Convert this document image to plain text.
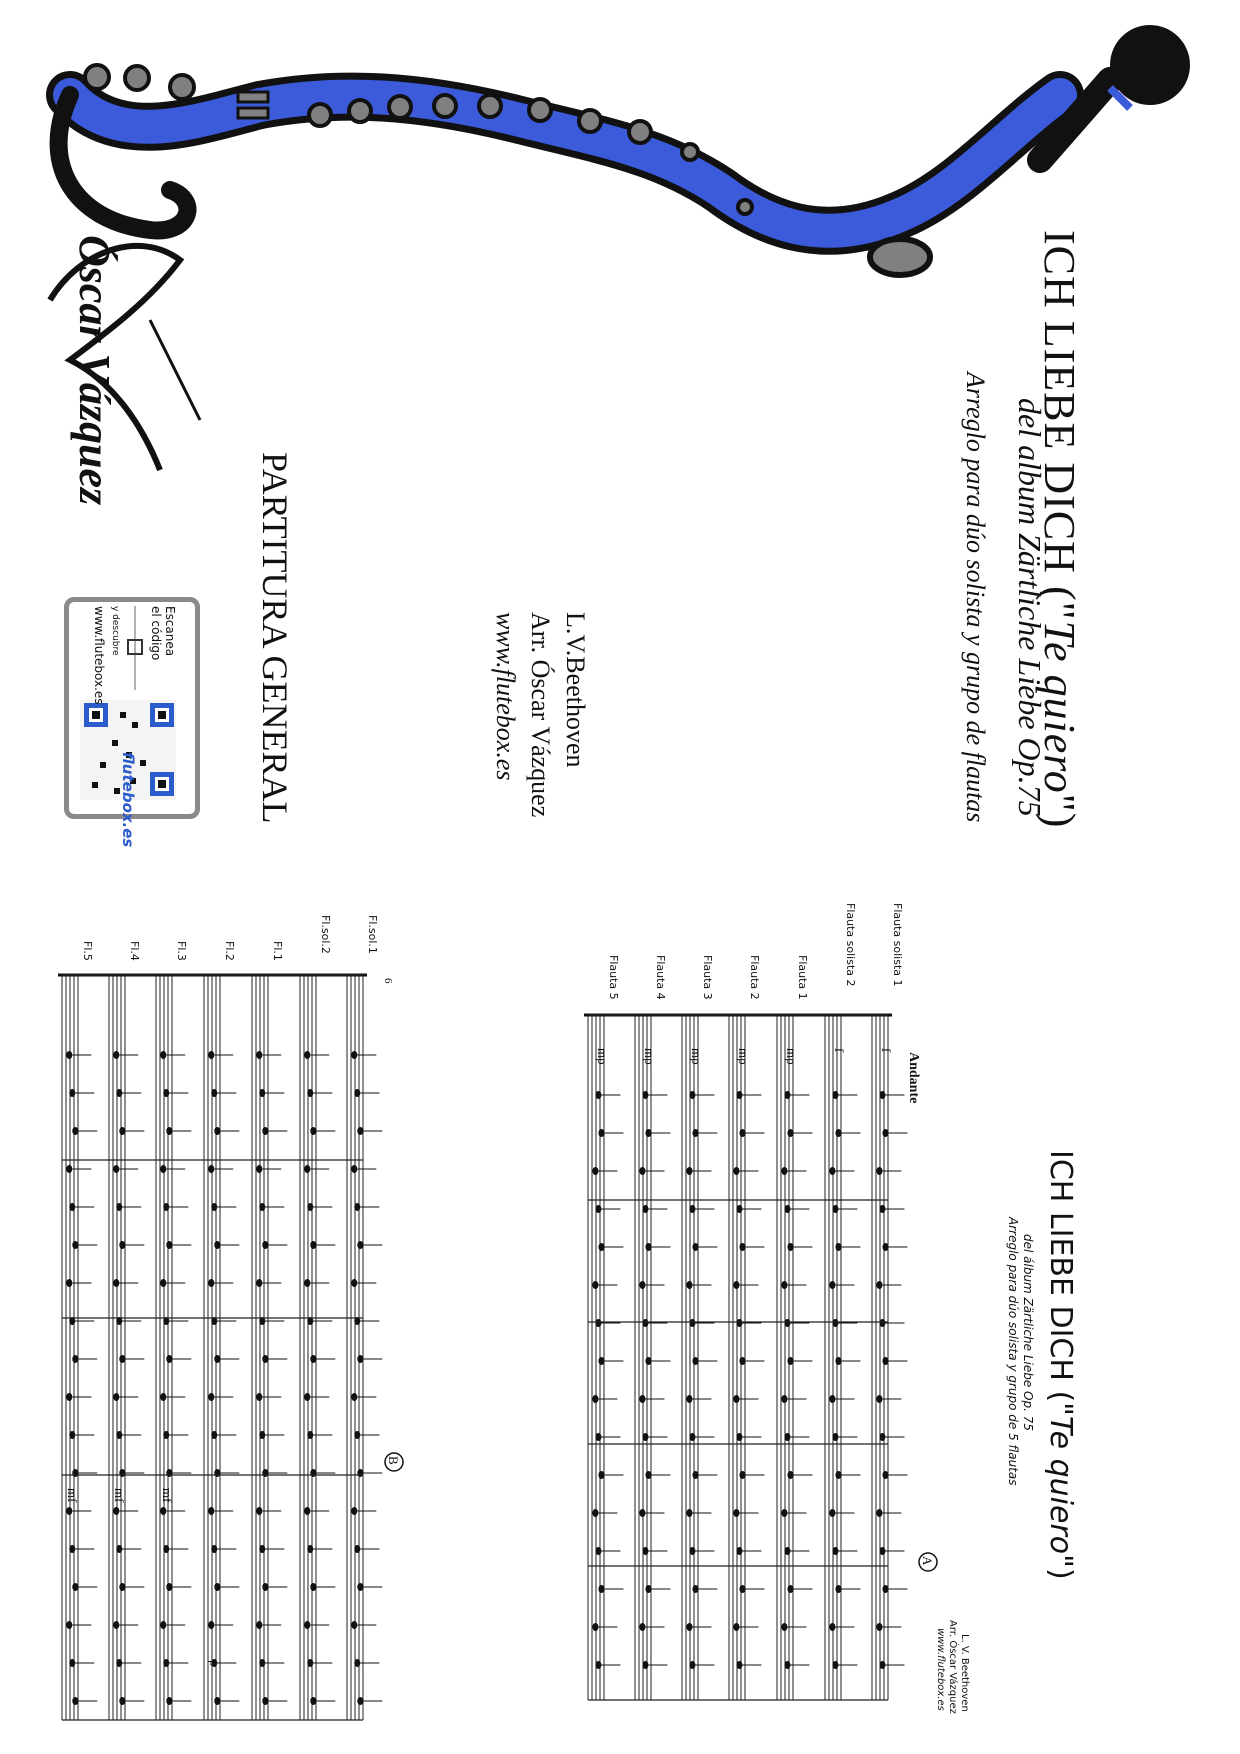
Óscar Vázquez	ICH LIEBE DICH ("Te quiero")
del album Zärtliche Liebe Op.75
Arreglo para dúo solista y grupo de flautas
L.V.Beethoven
Arr. Óscar Vázquez
www.flutebox.es
PARTITURA GENERAL
Escanea
el código
y descubre
www.flutebox.es
flutebox.es
ICH LIEBE DICH ("Te quiero")
del álbum Zärtliche Liebe Op. 75
Arreglo para dúo solista y grupo de 5 flautas
L. V. Beethoven
Arr. Óscar Vázquez
www.flutebox.es
Andante
Flauta solista 1
f
Flauta solista 2
f
Flauta 1
mp
Flauta 2
mp
Flauta 3
mp
Flauta 4
mp
Flauta 5
mp
Fl.sol.1
Fl.sol.2
Fl.1
Fl.2
Fl.3
Fl.4
Fl.5
A
B
6
mf
mf
mf
p
